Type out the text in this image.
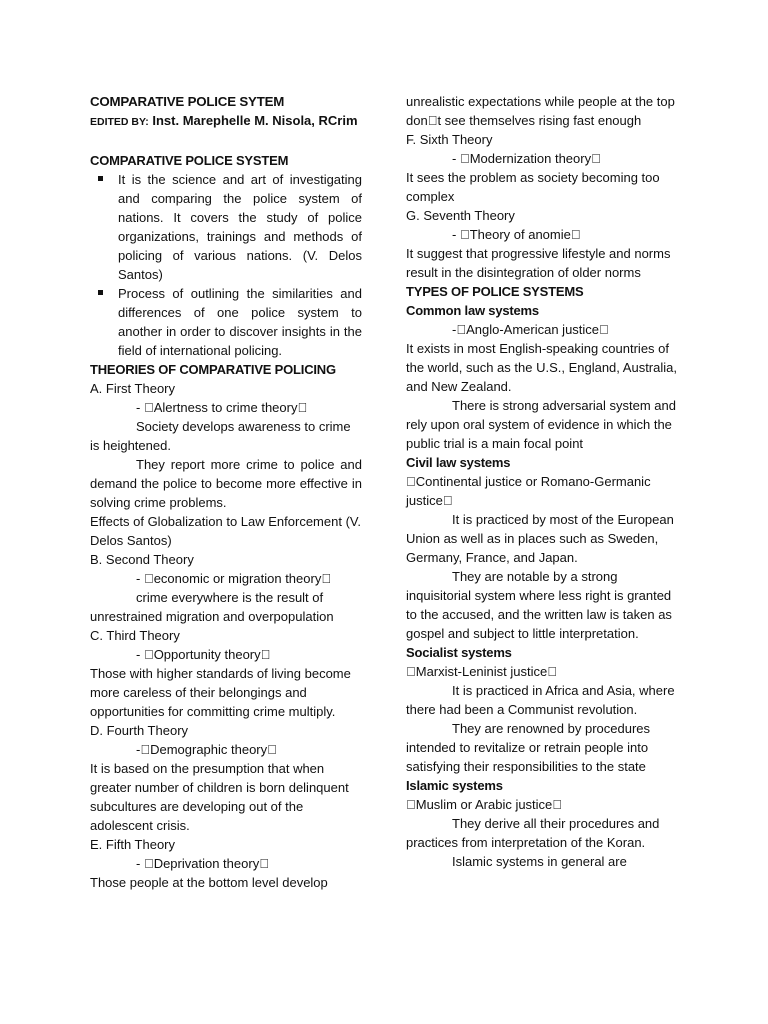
COMPARATIVE POLICE SYTEM

EDITED BY: Inst. Marephelle M. Nisola, RCrim

COMPARATIVE POLICE SYSTEM

It is the science and art of investigating and comparing the police system of nations. It covers the study of police organizations, trainings and methods of policing of various nations. (V. Delos Santos)
Process of outlining the similarities and differences of one police system to another in order to discover insights in the field of international policing.

THEORIES OF COMPARATIVE POLICING

A. First Theory

-  Alertness to crime theory 

Society develops awareness to crime is heightened.

They report more crime to police and demand the police to become more effective in solving crime problems.

Effects of Globalization to Law Enforcement (V. Delos Santos)

B. Second Theory

-  economic or migration theory 

crime everywhere is the result of unrestrained migration and overpopulation

C. Third Theory

-  Opportunity theory 

Those with higher standards of living become more careless of their belongings and opportunities for committing crime multiply.

D. Fourth Theory

- Demographic theory 

It is based on the presumption that when greater number of children is born delinquent subcultures are developing out of the adolescent crisis.

E. Fifth Theory

-  Deprivation theory 

Those people at the bottom level develop

unrealistic expectations while people at the top don t see themselves rising fast enough

F. Sixth Theory

-  Modernization theory 

It sees the problem as society becoming too complex

G. Seventh Theory

-  Theory of anomie 

It suggest that progressive lifestyle and norms result in the disintegration of older norms

TYPES OF POLICE SYSTEMS

Common law systems

- Anglo-American justice 

It exists in most English-speaking countries of the world, such as the U.S., England, Australia, and New Zealand.

There is strong adversarial system and rely upon oral system of evidence in which the public trial is a main focal point

Civil law systems

 Continental justice or Romano-Germanic justice 

It is practiced by most of the European Union as well as in places such as Sweden, Germany, France, and Japan.

They are notable by a strong inquisitorial system where less right is granted to the accused, and the written law is taken as gospel and subject to little interpretation.

Socialist systems

 Marxist-Leninist justice 

It is practiced in Africa and Asia, where there had been a Communist revolution.

They are renowned by procedures intended to revitalize or retrain people into satisfying their responsibilities to the state

Islamic systems

 Muslim or Arabic justice 

They derive all their procedures and practices from interpretation of the Koran.

Islamic systems in general are
